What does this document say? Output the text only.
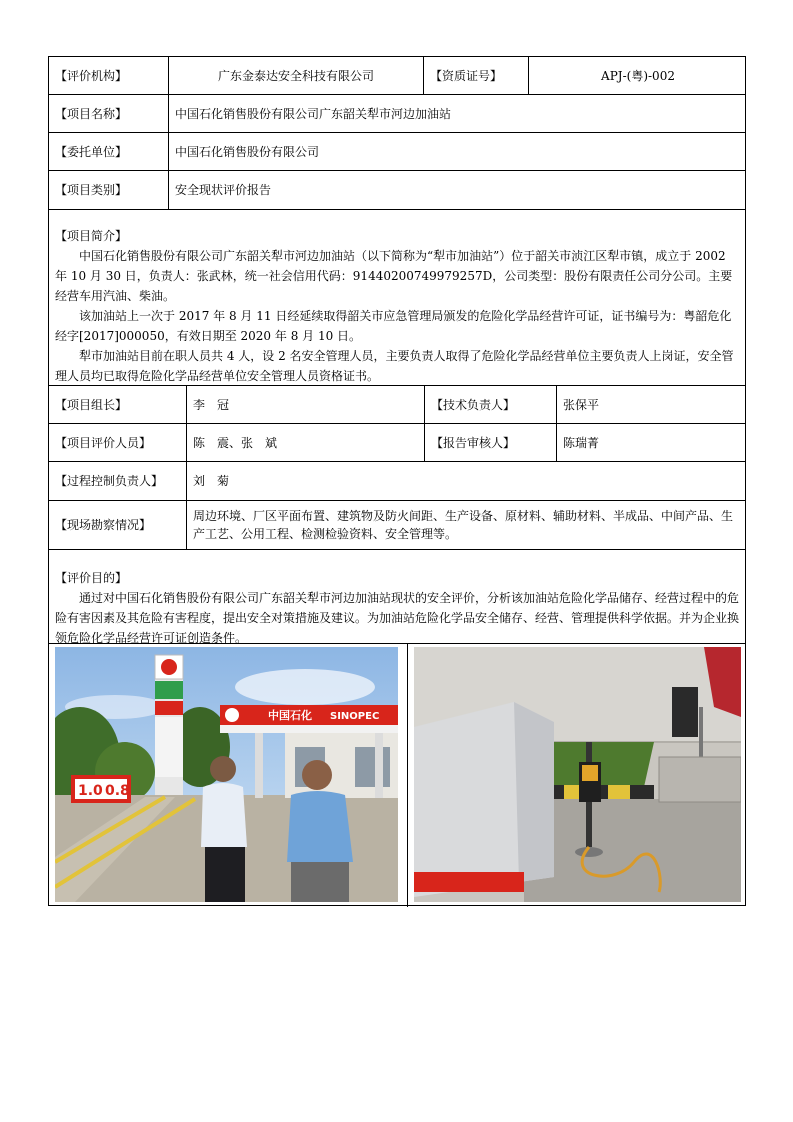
【评价机构】	广东金泰达安全科技有限公司	【资质证号】	APJ-(粤)-002
【项目名称】	中国石化销售股份有限公司广东韶关犁市河边加油站
【委托单位】	中国石化销售股份有限公司
【项目类别】	安全现状评价报告

【项目简介】

中国石化销售股份有限公司广东韶关犁市河边加油站（以下简称为“犁市加油站”）位于韶关市浈江区犁市镇，成立于 2002 年 10 月 30 日，负责人：张武林，统一社会信用代码：91440200749979257D，公司类型：股份有限责任公司分公司。主要经营车用汽油、柴油。

该加油站上一次于 2017 年 8 月 11 日经延续取得韶关市应急管理局颁发的危险化学品经营许可证，证书编号为：粤韶危化经字[2017]000050，有效日期至 2020 年 8 月 10 日。

犁市加油站目前在职人员共 4 人，设 2 名安全管理人员，主要负责人取得了危险化学品经营单位主要负责人上岗证，安全管理人员均已取得危险化学品经营单位安全管理人员资格证书。

【项目组长】	李　冠	【技术负责人】	张保平
【项目评价人员】	陈　震、张　斌	【报告审核人】	陈瑞菁
【过程控制负责人】	刘　菊
【现场勘察情况】
周边环境、厂区平面布置、建筑物及防火间距、生产设备、原材料、辅助材料、半成品、中间产品、生产工艺、公用工程、检测检验资料、安全管理等。

【评价目的】

通过对中国石化销售股份有限公司广东韶关犁市河边加油站现状的安全评价，分析该加油站危险化学品储存、经营过程中的危险有害因素及其危险有害程度，提出安全对策措施及建议。为加油站危险化学品安全储存、经营、管理提供科学依据。并为企业换领危险化学品经营许可证创造条件。

中国石化 SINOPEC
1.0 0.8
